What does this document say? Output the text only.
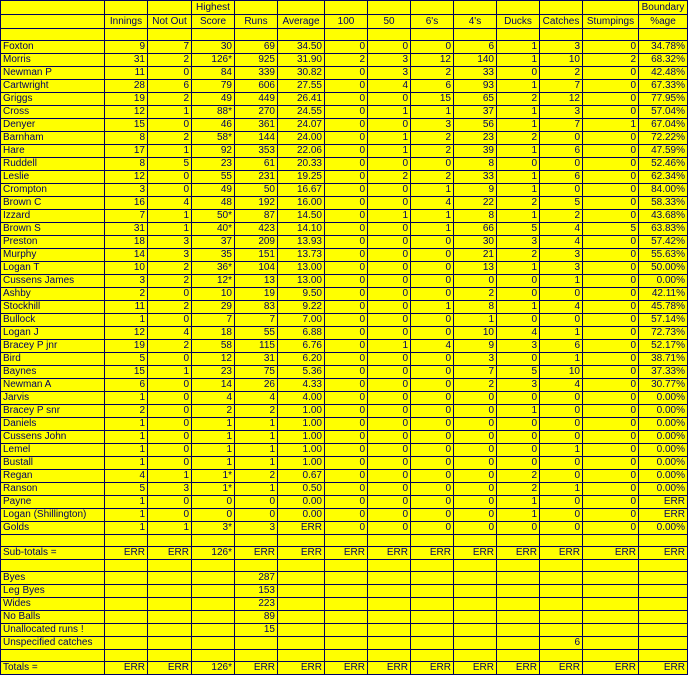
			Highest										Boundary
	Innings	Not Out	Score	Runs	Average	100	50	6's	4's	Ducks	Catches	Stumpings	%age

Foxton	9	7	30	69	34.50	0	0	0	6	1	3	0	34.78%
Morris	31	2	126*	925	31.90	2	3	12	140	1	10	2	68.32%
Newman P	11	0	84	339	30.82	0	3	2	33	0	2	0	42.48%
Cartwright	28	6	79	606	27.55	0	4	6	93	1	7	0	67.33%
Griggs	19	2	49	449	26.41	0	0	15	65	2	12	0	77.95%
Cross	12	1	88*	270	24.55	0	1	1	37	1	3	0	57.04%
Denyer	15	0	46	361	24.07	0	0	3	56	1	7	1	67.04%
Barnham	8	2	58*	144	24.00	0	1	2	23	2	0	0	72.22%
Hare	17	1	92	353	22.06	0	1	2	39	1	6	0	47.59%
Ruddell	8	5	23	61	20.33	0	0	0	8	0	0	0	52.46%
Leslie	12	0	55	231	19.25	0	2	2	33	1	6	0	62.34%
Crompton	3	0	49	50	16.67	0	0	1	9	1	0	0	84.00%
Brown C	16	4	48	192	16.00	0	0	4	22	2	5	0	58.33%
Izzard	7	1	50*	87	14.50	0	1	1	8	1	2	0	43.68%
Brown S	31	1	40*	423	14.10	0	0	1	66	5	4	5	63.83%
Preston	18	3	37	209	13.93	0	0	0	30	3	4	0	57.42%
Murphy	14	3	35	151	13.73	0	0	0	21	2	3	0	55.63%
Logan T	10	2	36*	104	13.00	0	0	0	13	1	3	0	50.00%
Cussens James	3	2	12*	13	13.00	0	0	0	0	0	1	0	0.00%
Ashby	2	0	10	19	9.50	0	0	0	2	0	0	0	42.11%
Stockhill	11	2	29	83	9.22	0	0	1	8	1	4	0	45.78%
Bullock	1	0	7	7	7.00	0	0	0	1	0	0	0	57.14%
Logan J	12	4	18	55	6.88	0	0	0	10	4	1	0	72.73%
Bracey P jnr	19	2	58	115	6.76	0	1	4	9	3	6	0	52.17%
Bird	5	0	12	31	6.20	0	0	0	3	0	1	0	38.71%
Baynes	15	1	23	75	5.36	0	0	0	7	5	10	0	37.33%
Newman A	6	0	14	26	4.33	0	0	0	2	3	4	0	30.77%
Jarvis	1	0	4	4	4.00	0	0	0	0	0	0	0	0.00%
Bracey P snr	2	0	2	2	1.00	0	0	0	0	1	0	0	0.00%
Daniels	1	0	1	1	1.00	0	0	0	0	0	0	0	0.00%
Cussens John	1	0	1	1	1.00	0	0	0	0	0	0	0	0.00%
Lemel	1	0	1	1	1.00	0	0	0	0	0	1	0	0.00%
Bustall	1	0	1	1	1.00	0	0	0	0	0	0	0	0.00%
Regan	4	1	1*	2	0.67	0	0	0	0	2	0	0	0.00%
Ranson	5	3	1*	1	0.50	0	0	0	0	2	1	0	0.00%
Payne	1	0	0	0	0.00	0	0	0	0	1	0	0	ERR
Logan (Shillington)	1	0	0	0	0.00	0	0	0	0	1	0	0	ERR
Golds	1	1	3*	3	ERR	0	0	0	0	0	0	0	0.00%

Sub-totals =	ERR	ERR	126*	ERR	ERR	ERR	ERR	ERR	ERR	ERR	ERR	ERR	ERR

Byes				287									
Leg Byes				153									
Wides				223									
No Balls				89									
Unallocated runs !				15									
Unspecified catches											6		

Totals =	ERR	ERR	126*	ERR	ERR	ERR	ERR	ERR	ERR	ERR	ERR	ERR	ERR
